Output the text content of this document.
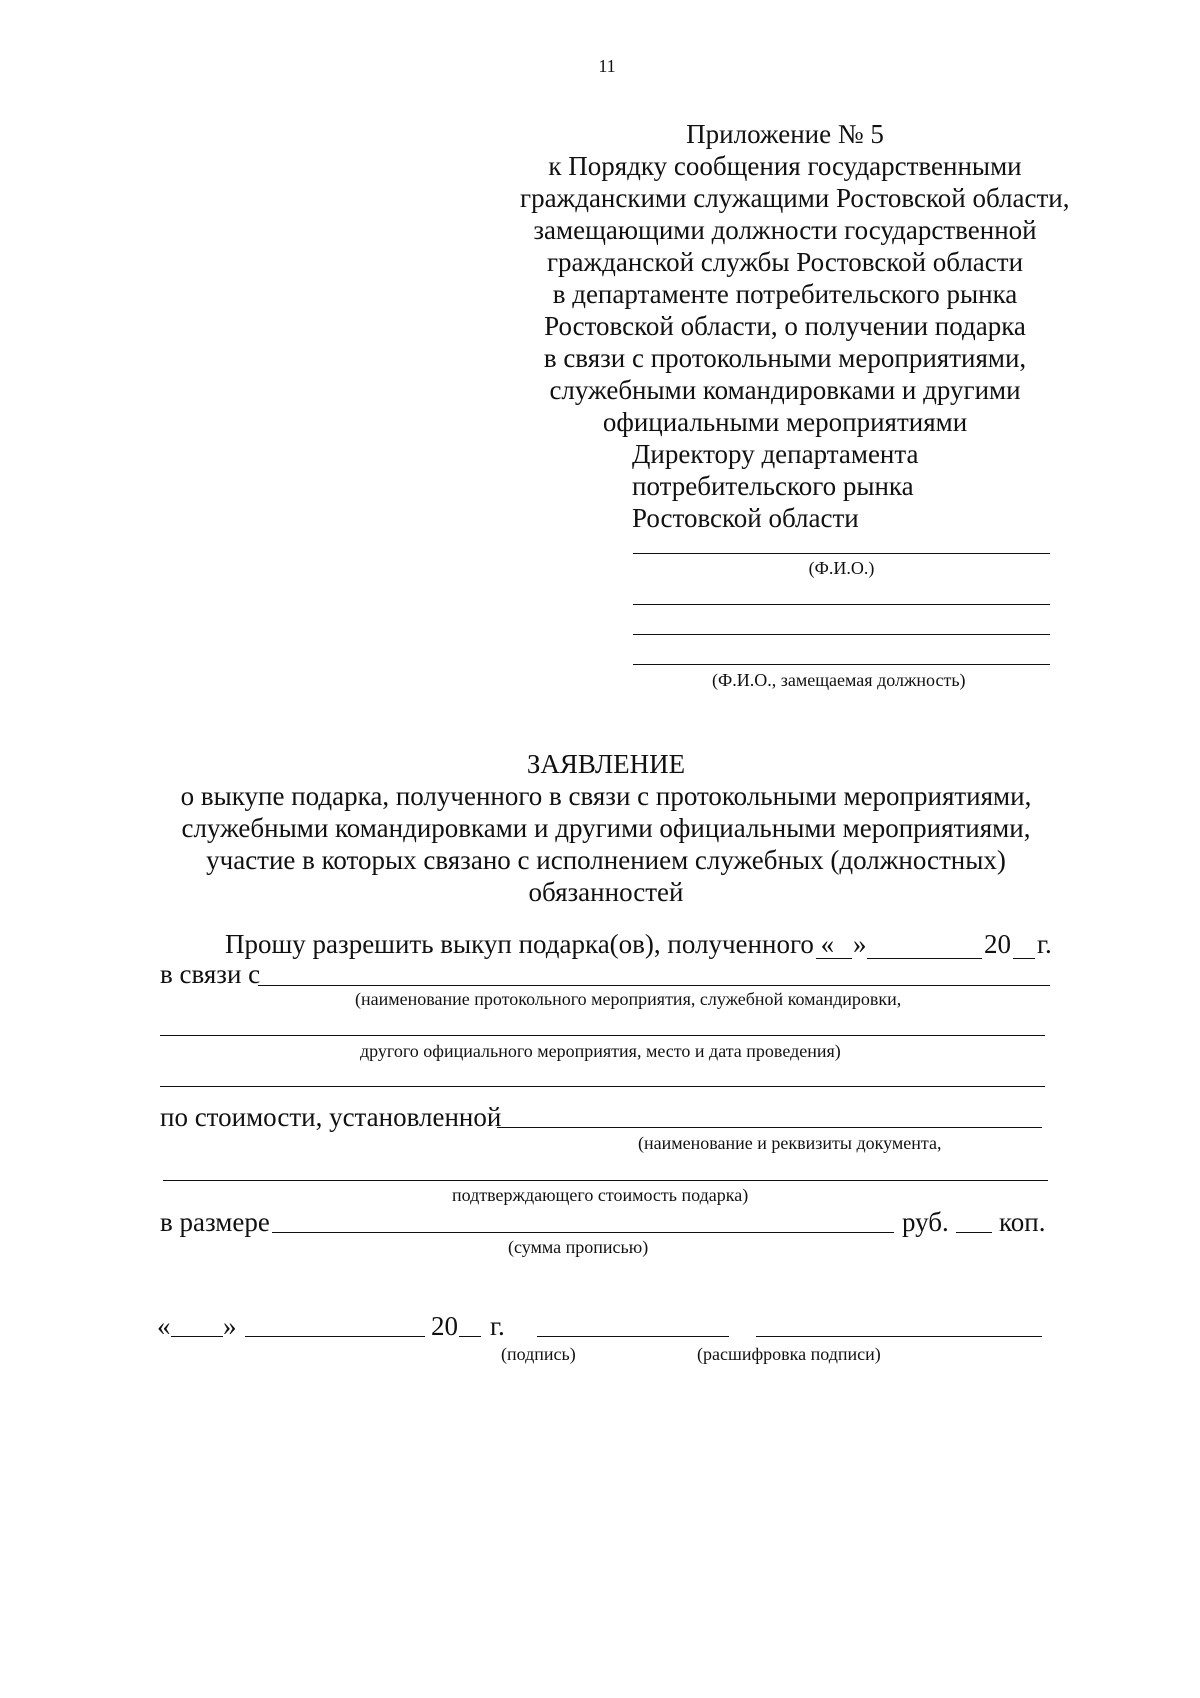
11
Приложение № 5
к Порядку сообщения государственными
гражданскими служащими Ростовской области,
замещающими должности государственной
гражданской службы Ростовской области
в департаменте потребительского рынка
Ростовской области, о получении подарка
в связи с протокольными мероприятиями,
служебными командировками и другими
официальными мероприятиями
Директору департамента
потребительского рынка
Ростовской области
(Ф.И.О.)
(Ф.И.О., замещаемая должность)
ЗАЯВЛЕНИЕ
о выкупе подарка, полученного в связи с протокольными мероприятиями,
служебными командировками и другими официальными мероприятиями,
участие в которых связано с исполнением служебных (должностных)
обязанностей
Прошу разрешить выкуп подарка(ов), полученного « »	20 г.
в связи с
(наименование протокольного мероприятия, служебной командировки,
другого официального мероприятия, место и дата проведения)
по стоимости, установленной
(наименование и реквизиты документа,
подтверждающего стоимость подарка)
в размере	руб. коп.
(сумма прописью)
« »	20 г.
(подпись)	(расшифровка подписи)
